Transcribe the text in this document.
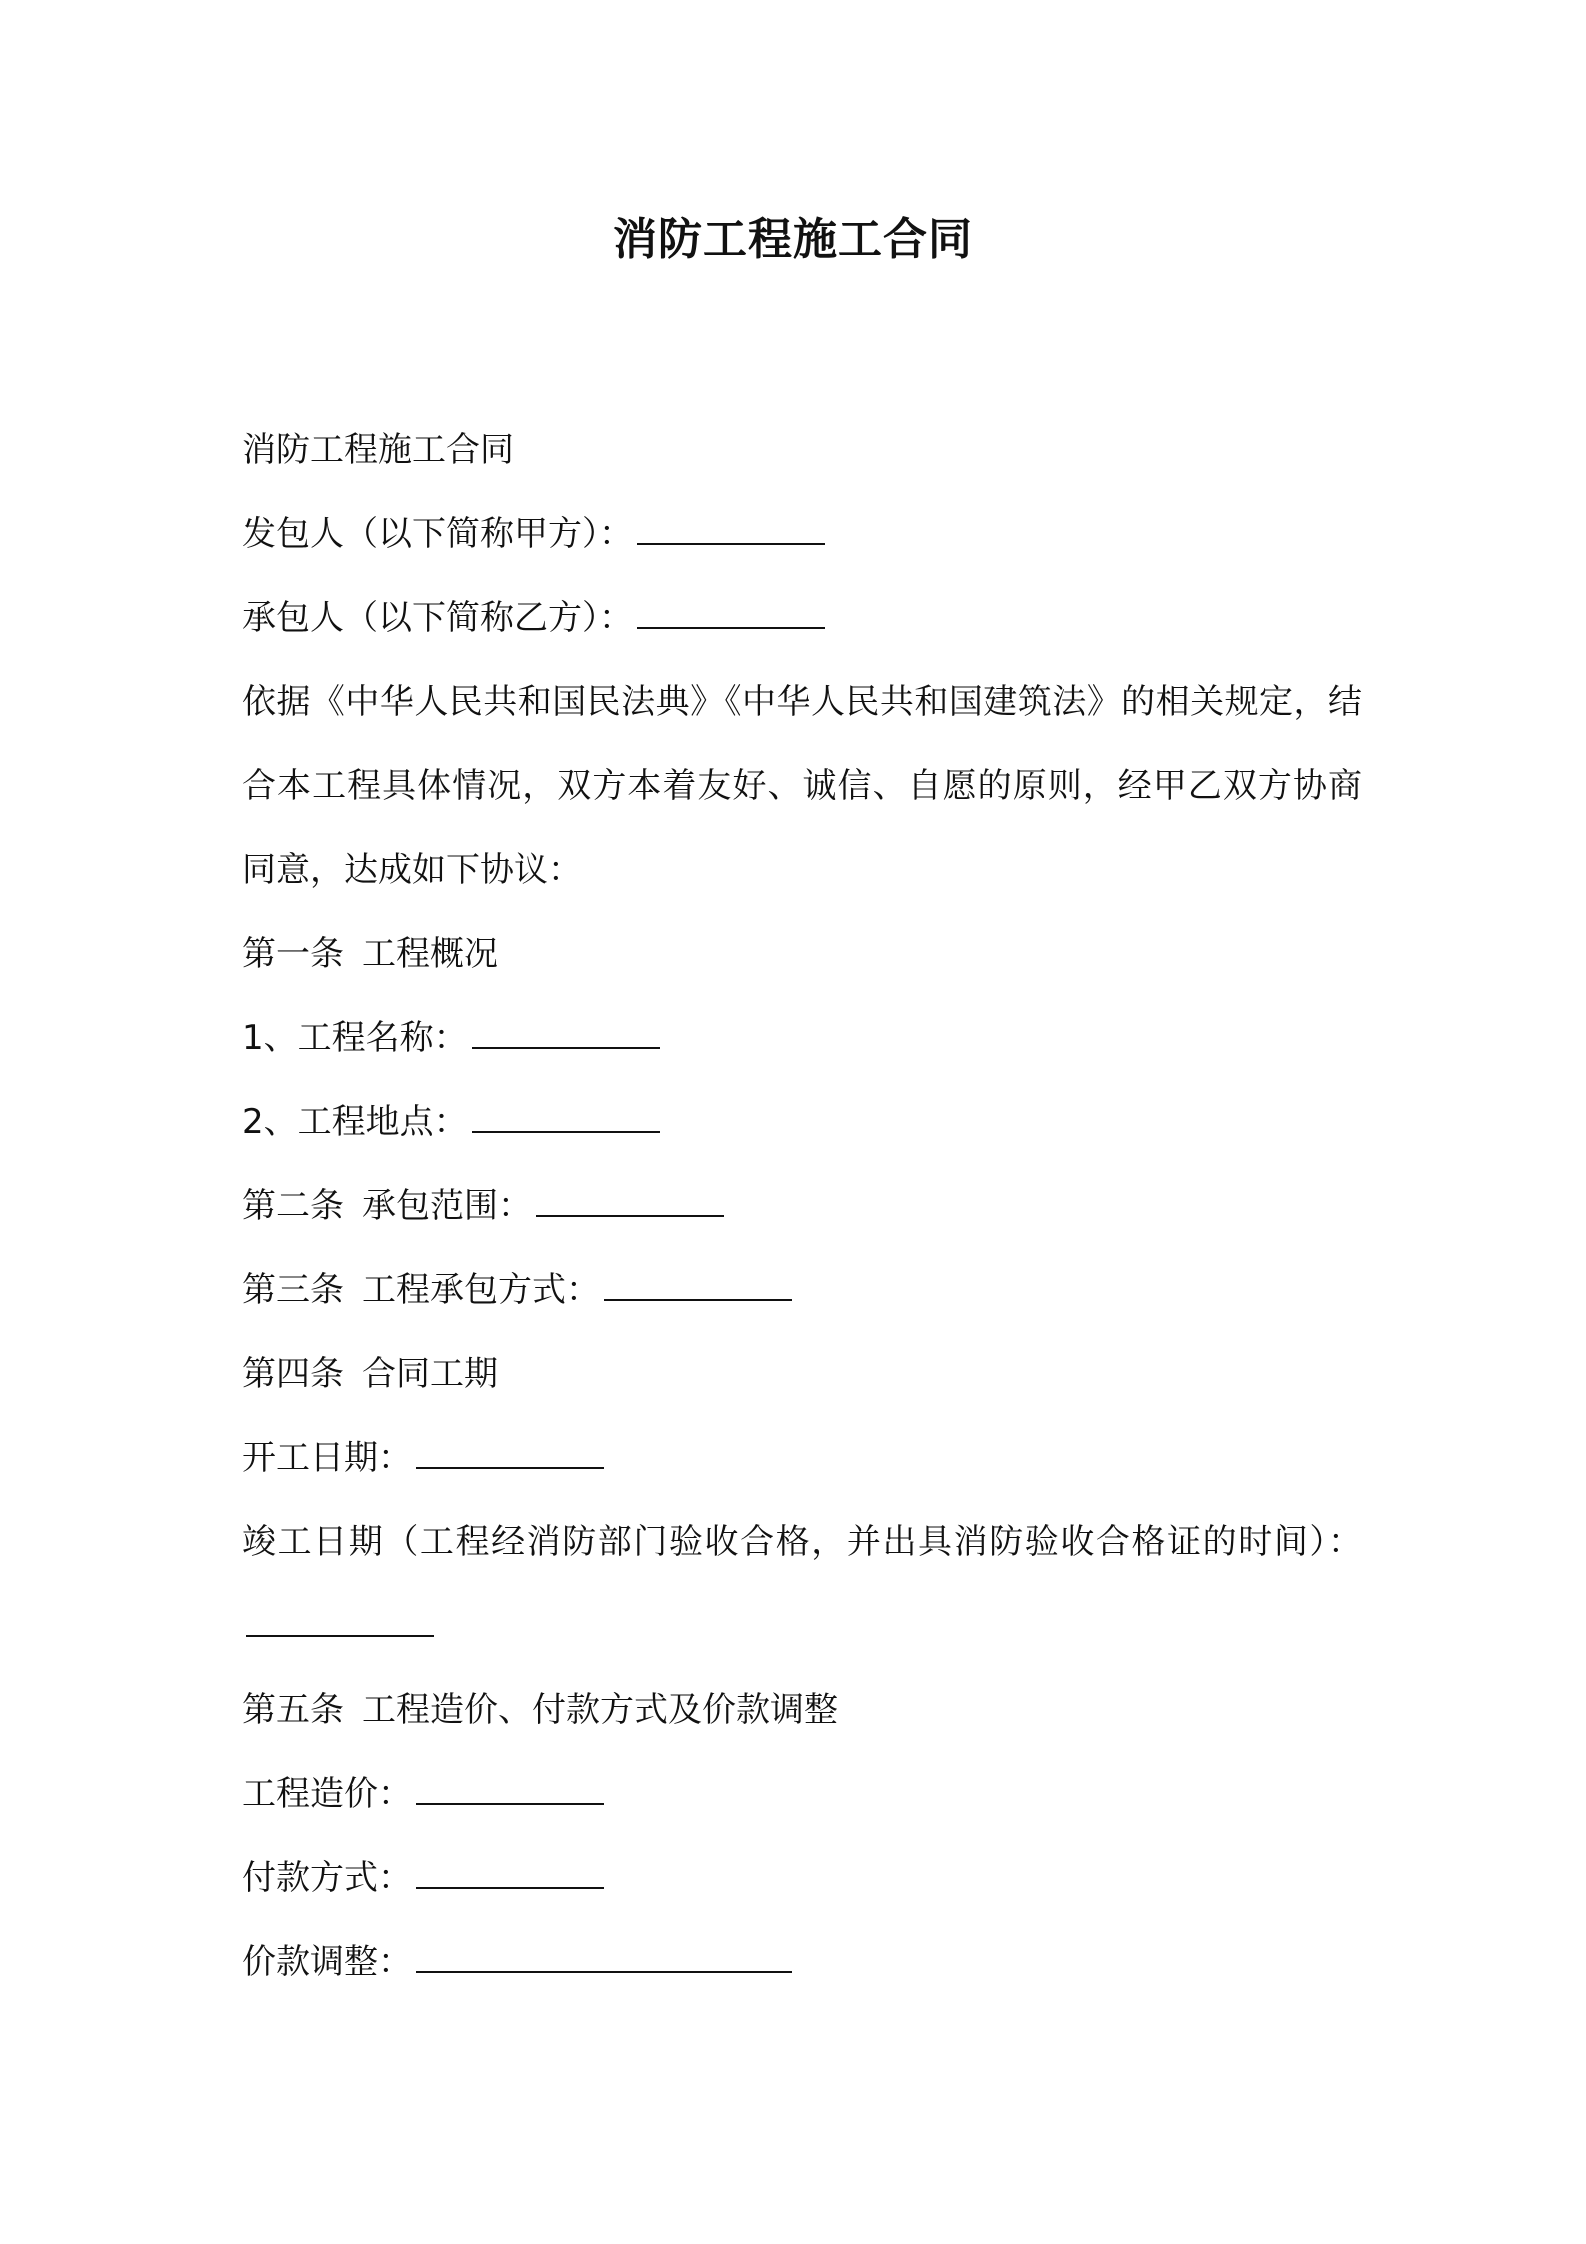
消防工程施工合同

消防工程施工合同

发包人（以下简称甲方）：

承包人（以下简称乙方）：

依据《中华人民共和国民法典》《中华人民共和国建筑法》的相关规定，结合本工程具体情况，双方本着友好、诚信、自愿的原则，经甲乙双方协商同意，达成如下协议：

第一条 工程概况

1、工程名称：

2、工程地点：

第二条 承包范围：

第三条 工程承包方式：

第四条 合同工期

开工日期：

竣工日期（工程经消防部门验收合格，并出具消防验收合格证的时间）：

第五条 工程造价、付款方式及价款调整

工程造价：

付款方式：

价款调整：
